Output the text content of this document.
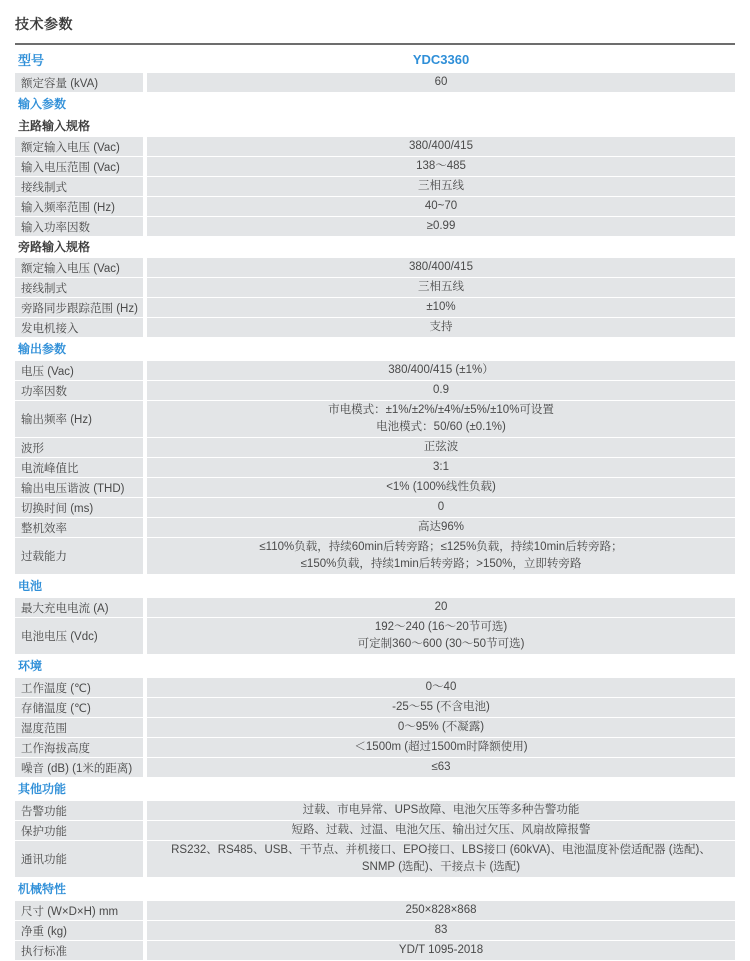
技术参数
型号		YDC3360
额定容量 (kVA)		60

输入参数		
主路输入规格		
额定输入电压 (Vac)		380/400/415

输入电压范围 (Vac)		138〜485

接线制式		三相五线

输入频率范围 (Hz)		40~70

输入功率因数		≥0.99

旁路输入规格		
额定输入电压 (Vac)		380/400/415

接线制式		三相五线

旁路同步跟踪范围 (Hz)		±10%

发电机接入		支持

输出参数		
电压 (Vac)		380/400/415 (±1%）

功率因数		0.9

输出频率 (Hz)		市电模式：±1%/±2%/±4%/±5%/±10%可设置
电池模式：50/60 (±0.1%)

波形		正弦波

电流峰值比		3:1

输出电压谐波 (THD)		<1% (100%线性负载)

切换时间 (ms)		0

整机效率		高达96%

过载能力		≤110%负载，持续60min后转旁路；≤125%负载，持续10min后转旁路；
≤150%负载，持续1min后转旁路；>150%，立即转旁路

电池		
最大充电电流 (A)		20

电池电压 (Vdc)		192〜240 (16〜20节可选)
可定制360〜600 (30〜50节可选)

环境		
工作温度 (℃)		0〜40

存储温度 (℃)		-25〜55 (不含电池)

湿度范围		0〜95% (不凝露)

工作海拔高度		＜1500m (超过1500m时降额使用)

噪音 (dB) (1米的距离)		≤63

其他功能		
告警功能		过载、市电异常、UPS故障、电池欠压等多种告警功能

保护功能		短路、过载、过温、电池欠压、输出过欠压、风扇故障报警

通讯功能		RS232、RS485、USB、干节点、并机接口、EPO接口、LBS接口 (60kVA)、电池温度补偿适配器 (选配)、
SNMP (选配)、干接点卡 (选配)

机械特性		
尺寸 (W×D×H) mm		250×828×868

净重 (kg)		83

执行标准		YD/T 1095-2018
